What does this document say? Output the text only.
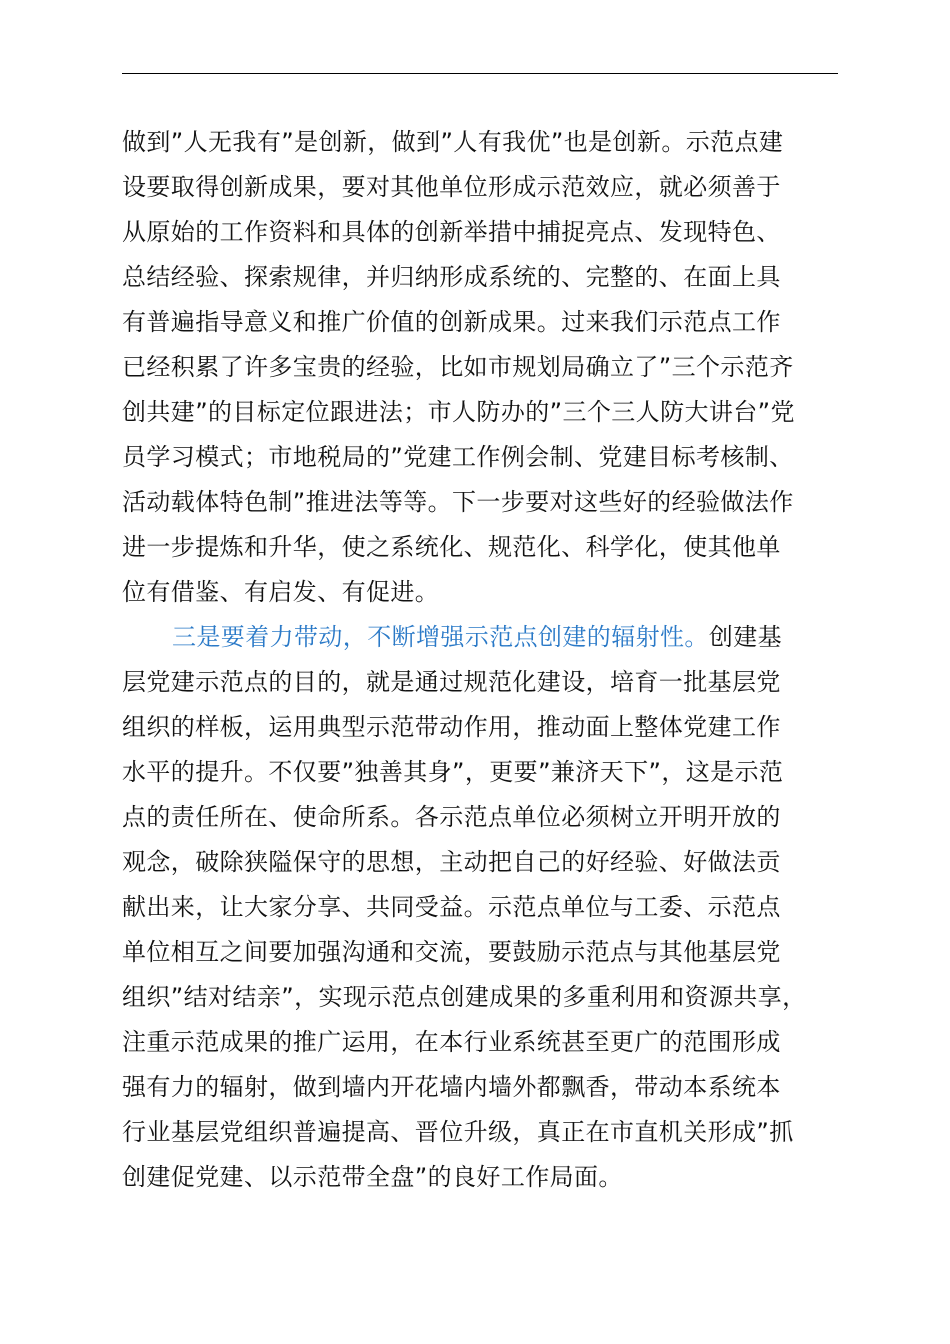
做到”人无我有”是创新，做到”人有我优”也是创新。示范点建
设要取得创新成果，要对其他单位形成示范效应，就必须善于
从原始的工作资料和具体的创新举措中捕捉亮点、发现特色、
总结经验、探索规律，并归纳形成系统的、完整的、在面上具
有普遍指导意义和推广价值的创新成果。过来我们示范点工作
已经积累了许多宝贵的经验，比如市规划局确立了”三个示范齐
创共建”的目标定位跟进法；市人防办的”三个三人防大讲台”党
员学习模式；市地税局的”党建工作例会制、党建目标考核制、
活动载体特色制”推进法等等。下一步要对这些好的经验做法作
进一步提炼和升华，使之系统化、规范化、科学化，使其他单
位有借鉴、有启发、有促进。
三是要着力带动，不断增强示范点创建的辐射性。创建基
层党建示范点的目的，就是通过规范化建设，培育一批基层党
组织的样板，运用典型示范带动作用，推动面上整体党建工作
水平的提升。不仅要”独善其身”，更要”兼济天下”，这是示范
点的责任所在、使命所系。各示范点单位必须树立开明开放的
观念，破除狭隘保守的思想，主动把自己的好经验、好做法贡
献出来，让大家分享、共同受益。示范点单位与工委、示范点
单位相互之间要加强沟通和交流，要鼓励示范点与其他基层党
组织”结对结亲”，实现示范点创建成果的多重利用和资源共享，
注重示范成果的推广运用，在本行业系统甚至更广的范围形成
强有力的辐射，做到墙内开花墙内墙外都飘香，带动本系统本
行业基层党组织普遍提高、晋位升级，真正在市直机关形成”抓
创建促党建、以示范带全盘”的良好工作局面。
